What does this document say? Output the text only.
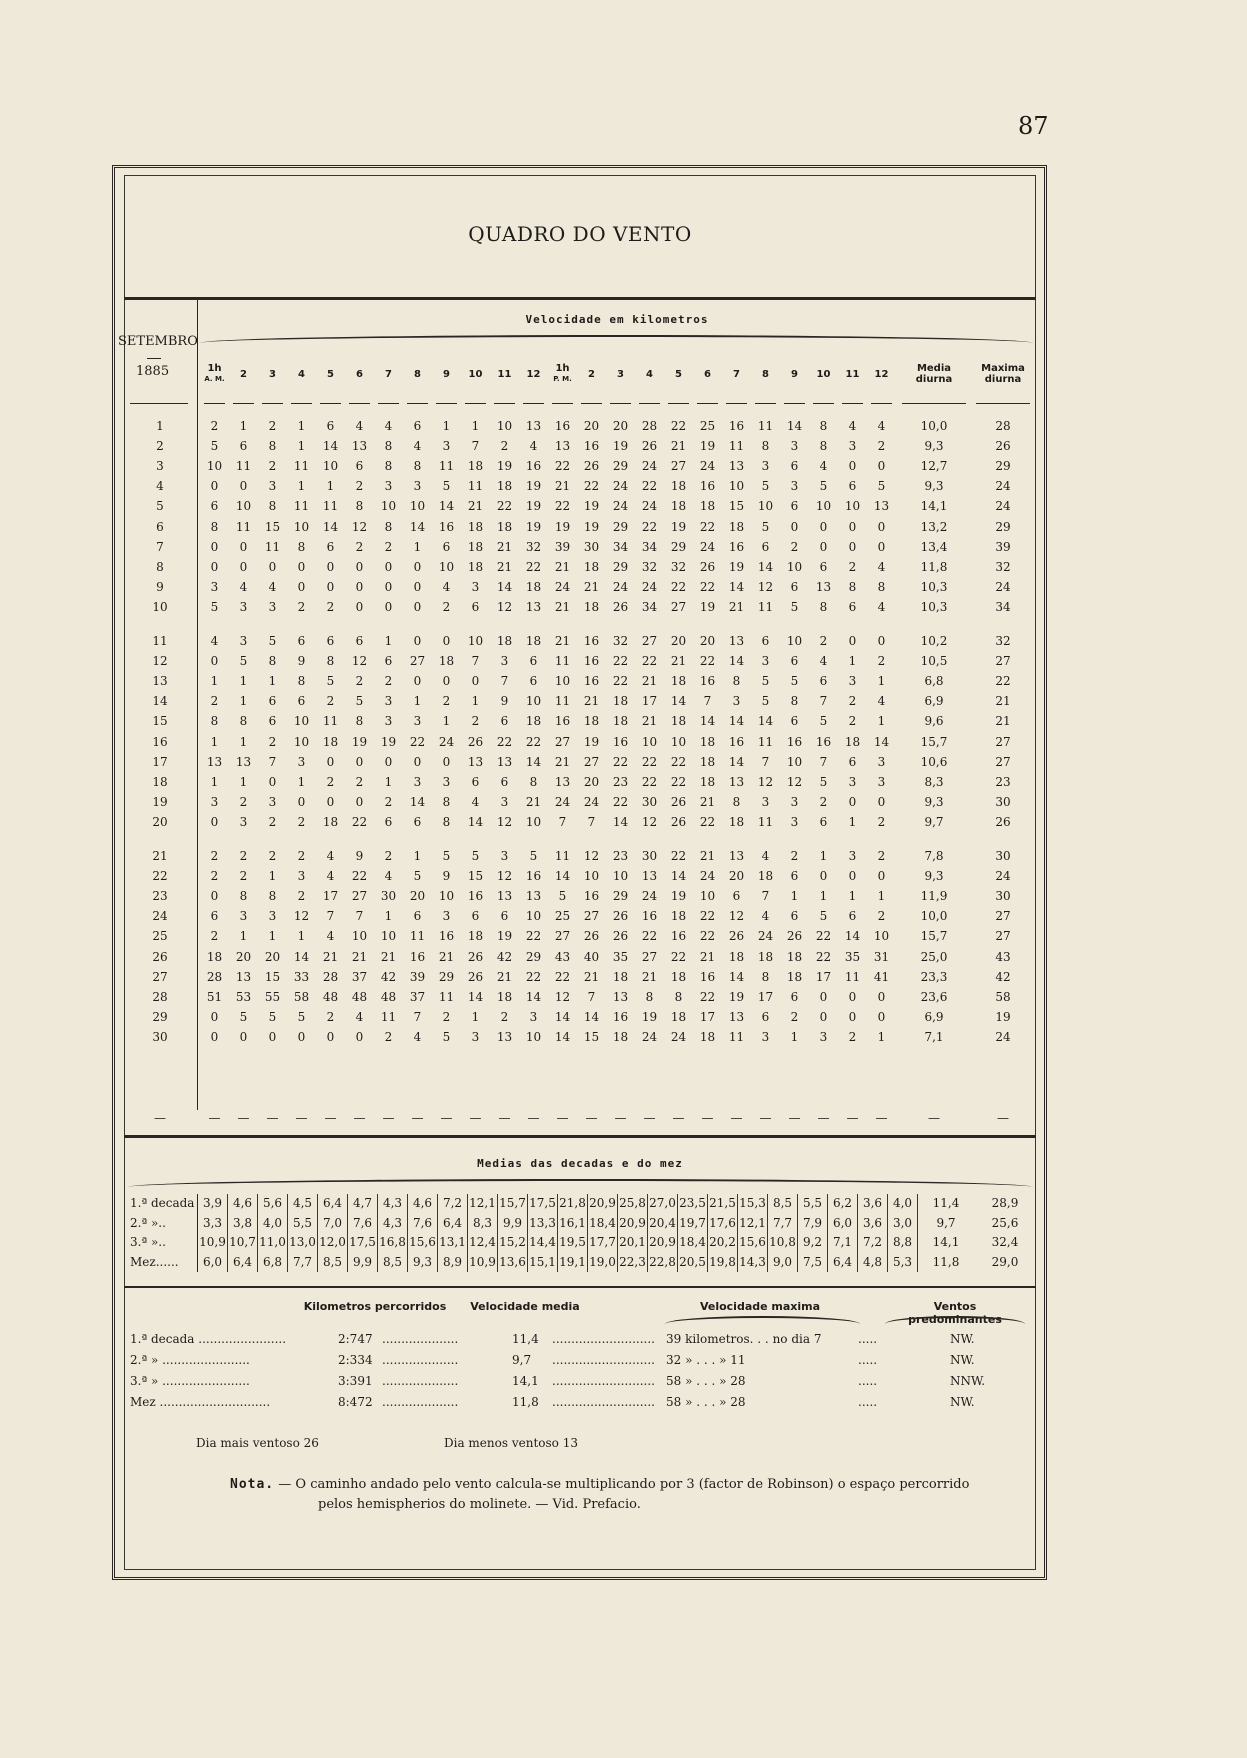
87
QUADRO DO VENTO
SETEMBRO
1885
Velocidade em kilometros
1h
A. M.	2	3	4	5	6	7	8	9	10	11	12
1h
P. M.	2	3	4	5	6	7	8	9	10	11	12
Media
diurna
Maxima
diurna
1	2	1	2	1	6	4	4	6	1	1	10	13	16	20	20	28	22	25	16	11	14	8	4	4	10,0	28
2	5	6	8	1	14	13	8	4	3	7	2	4	13	16	19	26	21	19	11	8	3	8	3	2	9,3	26
3	10	11	2	11	10	6	8	8	11	18	19	16	22	26	29	24	27	24	13	3	6	4	0	0	12,7	29
4	0	0	3	1	1	2	3	3	5	11	18	19	21	22	24	22	18	16	10	5	3	5	6	5	9,3	24
5	6	10	8	11	11	8	10	10	14	21	22	19	22	19	24	24	18	18	15	10	6	10	10	13	14,1	24
6	8	11	15	10	14	12	8	14	16	18	18	19	19	19	29	22	19	22	18	5	0	0	0	0	13,2	29
7	0	0	11	8	6	2	2	1	6	18	21	32	39	30	34	34	29	24	16	6	2	0	0	0	13,4	39
8	0	0	0	0	0	0	0	0	10	18	21	22	21	18	29	32	32	26	19	14	10	6	2	4	11,8	32
9	3	4	4	0	0	0	0	0	4	3	14	18	24	21	24	24	22	22	14	12	6	13	8	8	10,3	24
10	5	3	3	2	2	0	0	0	2	6	12	13	21	18	26	34	27	19	21	11	5	8	6	4	10,3	34
11	4	3	5	6	6	6	1	0	0	10	18	18	21	16	32	27	20	20	13	6	10	2	0	0	10,2	32
12	0	5	8	9	8	12	6	27	18	7	3	6	11	16	22	22	21	22	14	3	6	4	1	2	10,5	27
13	1	1	1	8	5	2	2	0	0	0	7	6	10	16	22	21	18	16	8	5	5	6	3	1	6,8	22
14	2	1	6	6	2	5	3	1	2	1	9	10	11	21	18	17	14	7	3	5	8	7	2	4	6,9	21
15	8	8	6	10	11	8	3	3	1	2	6	18	16	18	18	21	18	14	14	14	6	5	2	1	9,6	21
16	1	1	2	10	18	19	19	22	24	26	22	22	27	19	16	10	10	18	16	11	16	16	18	14	15,7	27
17	13	13	7	3	0	0	0	0	0	13	13	14	21	27	22	22	22	18	14	7	10	7	6	3	10,6	27
18	1	1	0	1	2	2	1	3	3	6	6	8	13	20	23	22	22	18	13	12	12	5	3	3	8,3	23
19	3	2	3	0	0	0	2	14	8	4	3	21	24	24	22	30	26	21	8	3	3	2	0	0	9,3	30
20	0	3	2	2	18	22	6	6	8	14	12	10	7	7	14	12	26	22	18	11	3	6	1	2	9,7	26
21	2	2	2	2	4	9	2	1	5	5	3	5	11	12	23	30	22	21	13	4	2	1	3	2	7,8	30
22	2	2	1	3	4	22	4	5	9	15	12	16	14	10	10	13	14	24	20	18	6	0	0	0	9,3	24
23	0	8	8	2	17	27	30	20	10	16	13	13	5	16	29	24	19	10	6	7	1	1	1	1	11,9	30
24	6	3	3	12	7	7	1	6	3	6	6	10	25	27	26	16	18	22	12	4	6	5	6	2	10,0	27
25	2	1	1	1	4	10	10	11	16	18	19	22	27	26	26	22	16	22	26	24	26	22	14	10	15,7	27
26	18	20	20	14	21	21	21	16	21	26	42	29	43	40	35	27	22	21	18	18	18	22	35	31	25,0	43
27	28	13	15	33	28	37	42	39	29	26	21	22	22	21	18	21	18	16	14	8	18	17	11	41	23,3	42
28	51	53	55	58	48	48	48	37	11	14	18	14	12	7	13	8	8	22	19	17	6	0	0	0	23,6	58
29	0	5	5	5	2	4	11	7	2	1	2	3	14	14	16	19	18	17	13	6	2	0	0	0	6,9	19
30	0	0	0	0	0	0	2	4	5	3	13	10	14	15	18	24	24	18	11	3	1	3	2	1	7,1	24
—	—	—	—	—	—	—	—	—	—	—	—	—	—	—	—	—	—	—	—	—	—	—	—	—	—	—
Medias das decadas e do mez
1.ª decada 3,9 4,6 5,6 4,5 6,4 4,7 4,3 4,6 7,2 12,1 15,7 17,5 21,8 20,9 25,8 27,0 23,5 21,5 15,3 8,5 5,5 6,2 3,6 4,0	11,4	28,9
2.ª »..	3,3 3,8 4,0 5,5 7,0 7,6 4,3 7,6 6,4 8,3 9,9 13,3 16,1 18,4 20,9 20,4 19,7 17,6 12,1 7,7 7,9 6,0 3,6 3,0	9,7	25,6
3.ª »..	10,9 10,7 11,0 13,0 12,0 17,5 16,8 15,6 13,1 12,4 15,2 14,4 19,5 17,7 20,1 20,9 18,4 20,2 15,6 10,8 9,2 7,1 7,2 8,8	14,1	32,4
Mez......	6,0 6,4 6,8 7,7 8,5 9,9 8,5 9,3 8,9 10,9 13,6 15,1 19,1 19,0 22,3 22,8 20,5 19,8 14,3 9,0 7,5 6,4 4,8 5,3	11,8	29,0
Kilometros percorridos	Velocidade media	Velocidade maxima	Ventos predominantes
1.ª decada .......................	2:747 ....................	11,4 ........................... 39 kilometros. . . no dia 7	.....	NW.
2.ª » .......................	2:334 ....................	9,7 ........................... 32 » . . . » 11	.....	NW.
3.ª » .......................	3:391 ....................	14,1 ........................... 58 » . . . » 28	.....	NNW.
Mez .............................	8:472 ....................	11,8 ........................... 58 » . . . » 28	.....	NW.
Dia mais ventoso 26	Dia menos ventoso 13
Nota. — O caminho andado pelo vento calcula-se multiplicando por 3 (factor de Robinson) o espaço percorrido
pelos hemispherios do molinete. — Vid. Prefacio.
